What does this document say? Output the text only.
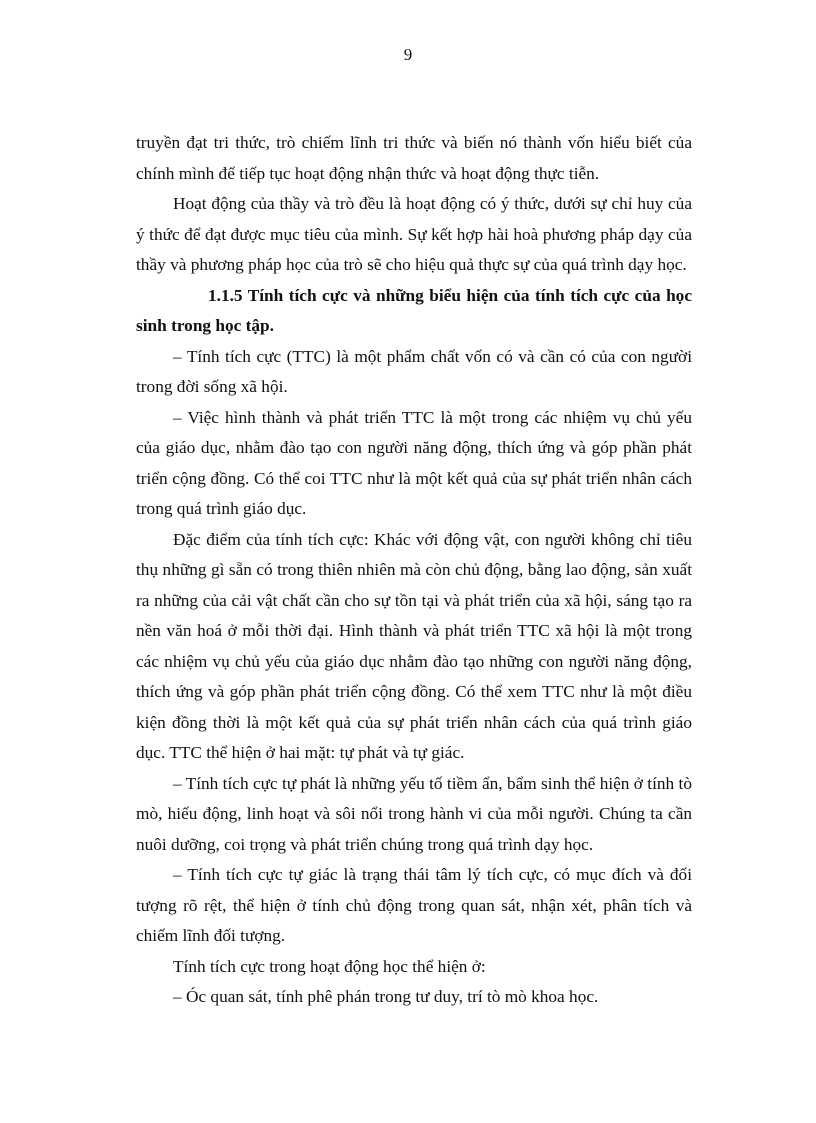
9

truyền đạt tri thức, trò chiếm lĩnh tri thức và biến nó thành vốn hiểu biết của chính mình để tiếp tục hoạt động nhận thức và hoạt động thực tiễn.

Hoạt động của thầy và trò đều là hoạt động có ý thức, dưới sự chỉ huy của ý thức để đạt được mục tiêu của mình. Sự kết hợp hài hoà phương pháp dạy của thầy và phương pháp học của trò sẽ cho hiệu quả thực sự của quá trình dạy học.

1.1.5 Tính tích cực và những biểu hiện của tính tích cực của học sinh trong học tập.

– Tính tích cực (TTC) là một phẩm chất vốn có và cần có của con người trong đời sống xã hội.

– Việc hình thành và phát triển TTC là một trong các nhiệm vụ chủ yếu của giáo dục, nhằm đào tạo con người năng động, thích ứng và góp phần phát triển cộng đồng. Có thể coi TTC như là một kết quả của sự phát triển nhân cách trong quá trình giáo dục.

Đặc điểm của tính tích cực: Khác với động vật, con người không chỉ tiêu thụ những gì sẵn có trong thiên nhiên mà còn chủ động, bằng lao động, sản xuất ra những của cải vật chất cần cho sự tồn tại và phát triển của xã hội, sáng tạo ra nền văn hoá ở mỗi thời đại. Hình thành và phát triển TTC xã hội là một trong các nhiệm vụ chủ yếu của giáo dục nhằm đào tạo những con người năng động, thích ứng và góp phần phát triển cộng đồng. Có thể xem TTC như là một điều kiện đồng thời là một kết quả của sự phát triển nhân cách của quá trình giáo dục. TTC thể hiện ở hai mặt: tự phát và tự giác.

– Tính tích cực tự phát là những yếu tố tiềm ẩn, bẩm sinh thể hiện ở tính tò mò, hiếu động, linh hoạt và sôi nổi trong hành vi của mỗi người. Chúng ta cần nuôi dưỡng, coi trọng và phát triển chúng trong quá trình dạy học.

– Tính tích cực tự giác là trạng thái tâm lý tích cực, có mục đích và đối tượng rõ rệt, thể hiện ở tính chủ động trong quan sát, nhận xét, phân tích và chiếm lĩnh đối tượng.

Tính tích cực trong hoạt động học thể hiện ở:

– Óc quan sát, tính phê phán trong tư duy, trí tò mò khoa học.
